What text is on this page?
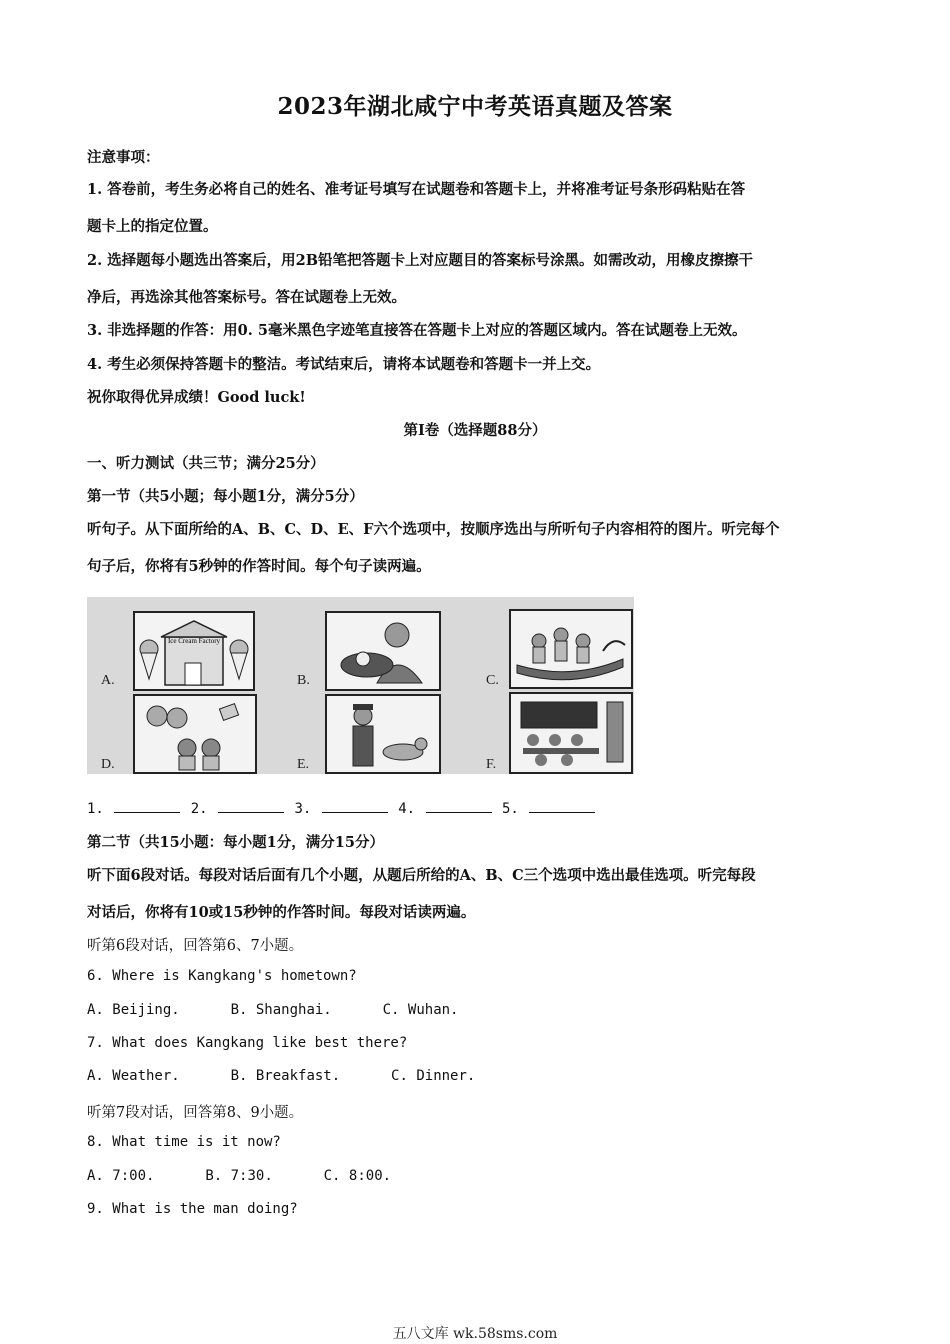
2023年湖北咸宁中考英语真题及答案
注意事项：
1. 答卷前，考生务必将自己的姓名、准考证号填写在试题卷和答题卡上，并将准考证号条形码粘贴在答
题卡上的指定位置。
2. 选择题每小题选出答案后，用2B铅笔把答题卡上对应题目的答案标号涂黑。如需改动，用橡皮擦擦干
净后，再选涂其他答案标号。答在试题卷上无效。
3. 非选择题的作答：用0. 5毫米黑色字迹笔直接答在答题卡上对应的答题区域内。答在试题卷上无效。
4. 考生必须保持答题卡的整洁。考试结束后，请将本试题卷和答题卡一并上交。
祝你取得优异成绩！Good luck!
第Ⅰ卷（选择题88分）
一、听力测试（共三节；满分25分）
第一节（共5小题；每小题1分，满分5分）
听句子。从下面所给的A、B、C、D、E、F六个选项中，按顺序选出与所听句子内容相符的图片。听完每个
句子后，你将有5秒钟的作答时间。每个句子读两遍。
Ice Cream Factory
A.	B.	C.
D.	E.	F.
1.	2.	3.	4.	5.
第二节（共15小题：每小题1分，满分15分）
听下面6段对话。每段对话后面有几个小题，从题后所给的A、B、C三个选项中选出最佳选项。听完每段
对话后，你将有10或15秒钟的作答时间。每段对话读两遍。
听第6段对话，回答第6、7小题。
6. Where is Kangkang's hometown?
A. Beijing.	B. Shanghai.	C. Wuhan.
7. What does Kangkang like best there?
A. Weather.	B. Breakfast.	C. Dinner.
听第7段对话，回答第8、9小题。
8. What time is it now?
A. 7:00.	B. 7:30.	C. 8:00.
9. What is the man doing?
五八文库 wk.58sms.com
